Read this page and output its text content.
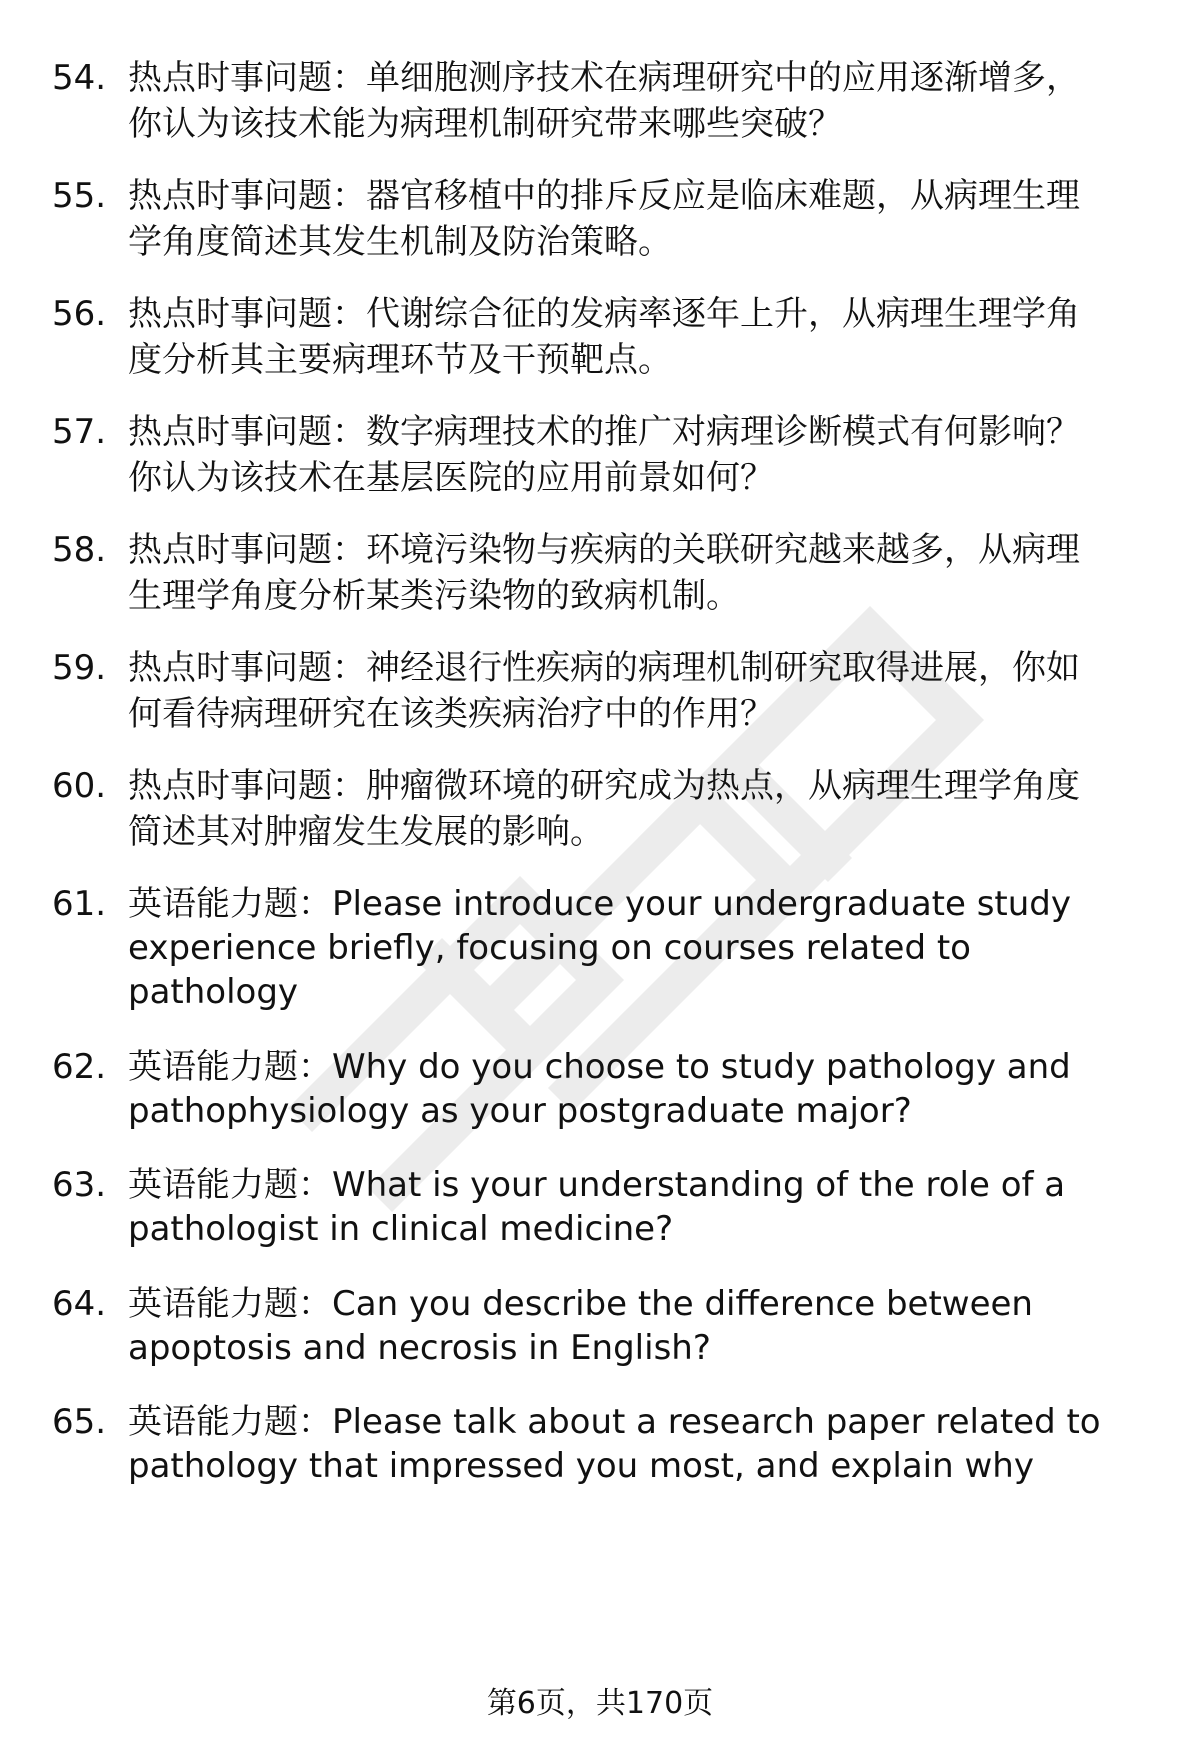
54. 热点时事问题：单细胞测序技术在病理研究中的应用逐渐增多，
你认为该技术能为病理机制研究带来哪些突破？
55. 热点时事问题：器官移植中的排斥反应是临床难题，从病理生理
学角度简述其发生机制及防治策略。
56. 热点时事问题：代谢综合征的发病率逐年上升，从病理生理学角
度分析其主要病理环节及干预靶点。
57. 热点时事问题：数字病理技术的推广对病理诊断模式有何影响？
你认为该技术在基层医院的应用前景如何？
58. 热点时事问题：环境污染物与疾病的关联研究越来越多，从病理
生理学角度分析某类污染物的致病机制。
59. 热点时事问题：神经退行性疾病的病理机制研究取得进展，你如
何看待病理研究在该类疾病治疗中的作用？
60. 热点时事问题：肿瘤微环境的研究成为热点，从病理生理学角度
简述其对肿瘤发生发展的影响。
61. 英语能力题：Please introduce your undergraduate study
experience briefly, focusing on courses related to
pathology
62. 英语能力题：Why do you choose to study pathology and
pathophysiology as your postgraduate major?
63. 英语能力题：What is your understanding of the role of a
pathologist in clinical medicine?
64. 英语能力题：Can you describe the difference between
apoptosis and necrosis in English?
65. 英语能力题：Please talk about a research paper related to
pathology that impressed you most, and explain why
第6页，共170页
